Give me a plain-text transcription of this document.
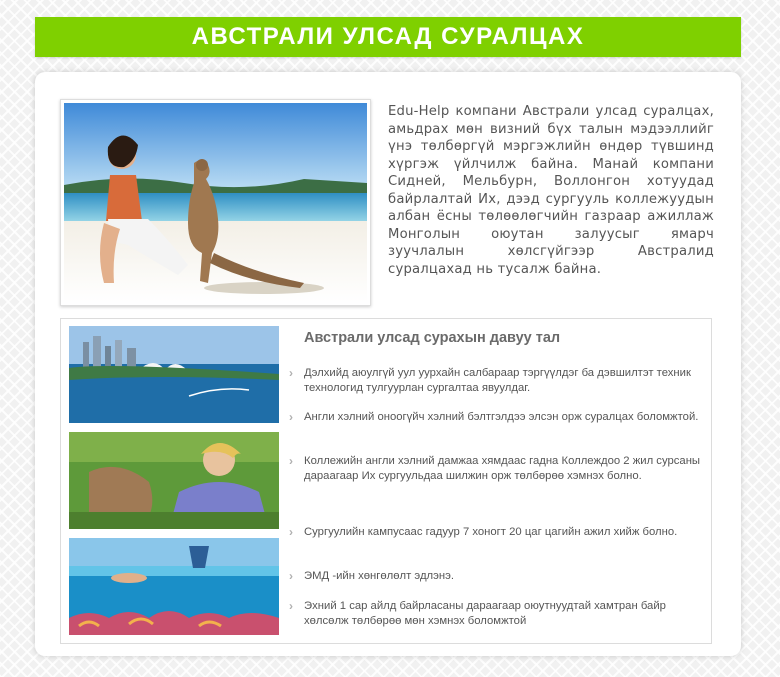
АВСТРАЛИ УЛСАД СУРАЛЦАХ

Edu-Help компани Австрали улсад суралцах, амьдрах мөн визний бүх талын мэдээллийг үнэ төлбөргүй мэргэжлийн өндөр түвшинд хүргэж үйлчилж байна. Манай компани Сидней, Мельбурн, Воллонгон хотуудад байрлалтай Их, дээд сургууль коллежуудын албан ёсны төлөөлөгчийн газраар ажиллаж Монголын оюутан залуусыг ямарч зуучлалын хөлсгүйгээр Австралид суралцахад нь тусалж байна.

Австрали улсад сурахын давуу тал
› Дэлхийд аюулгүй уул уурхайн салбараар тэргүүлдэг ба дэвшилтэт техник технологид тулгуурлан сургалтаа явуулдаг.
› Англи хэлний оноогүйч хэлний бэлтгэлдээ элсэн орж суралцах боломжтой.
› Коллежийн англи хэлний дамжаа хямдаас гадна Коллеждоо 2 жил сурсаны дараагаар Их сургуульдаа шилжин орж төлбөрөө хэмнэх болно.
› Сургуулийн кампусаас гадуур 7 хоногт 20 цаг цагийн ажил хийж болно.
› ЭМД -ийн хөнгөлөлт эдлэнэ.
› Эхний 1 сар айлд байрласаны дараагаар оюутнуудтай хамтран байр хөлсөлж төлбөрөө мөн хэмнэх боломжтой
